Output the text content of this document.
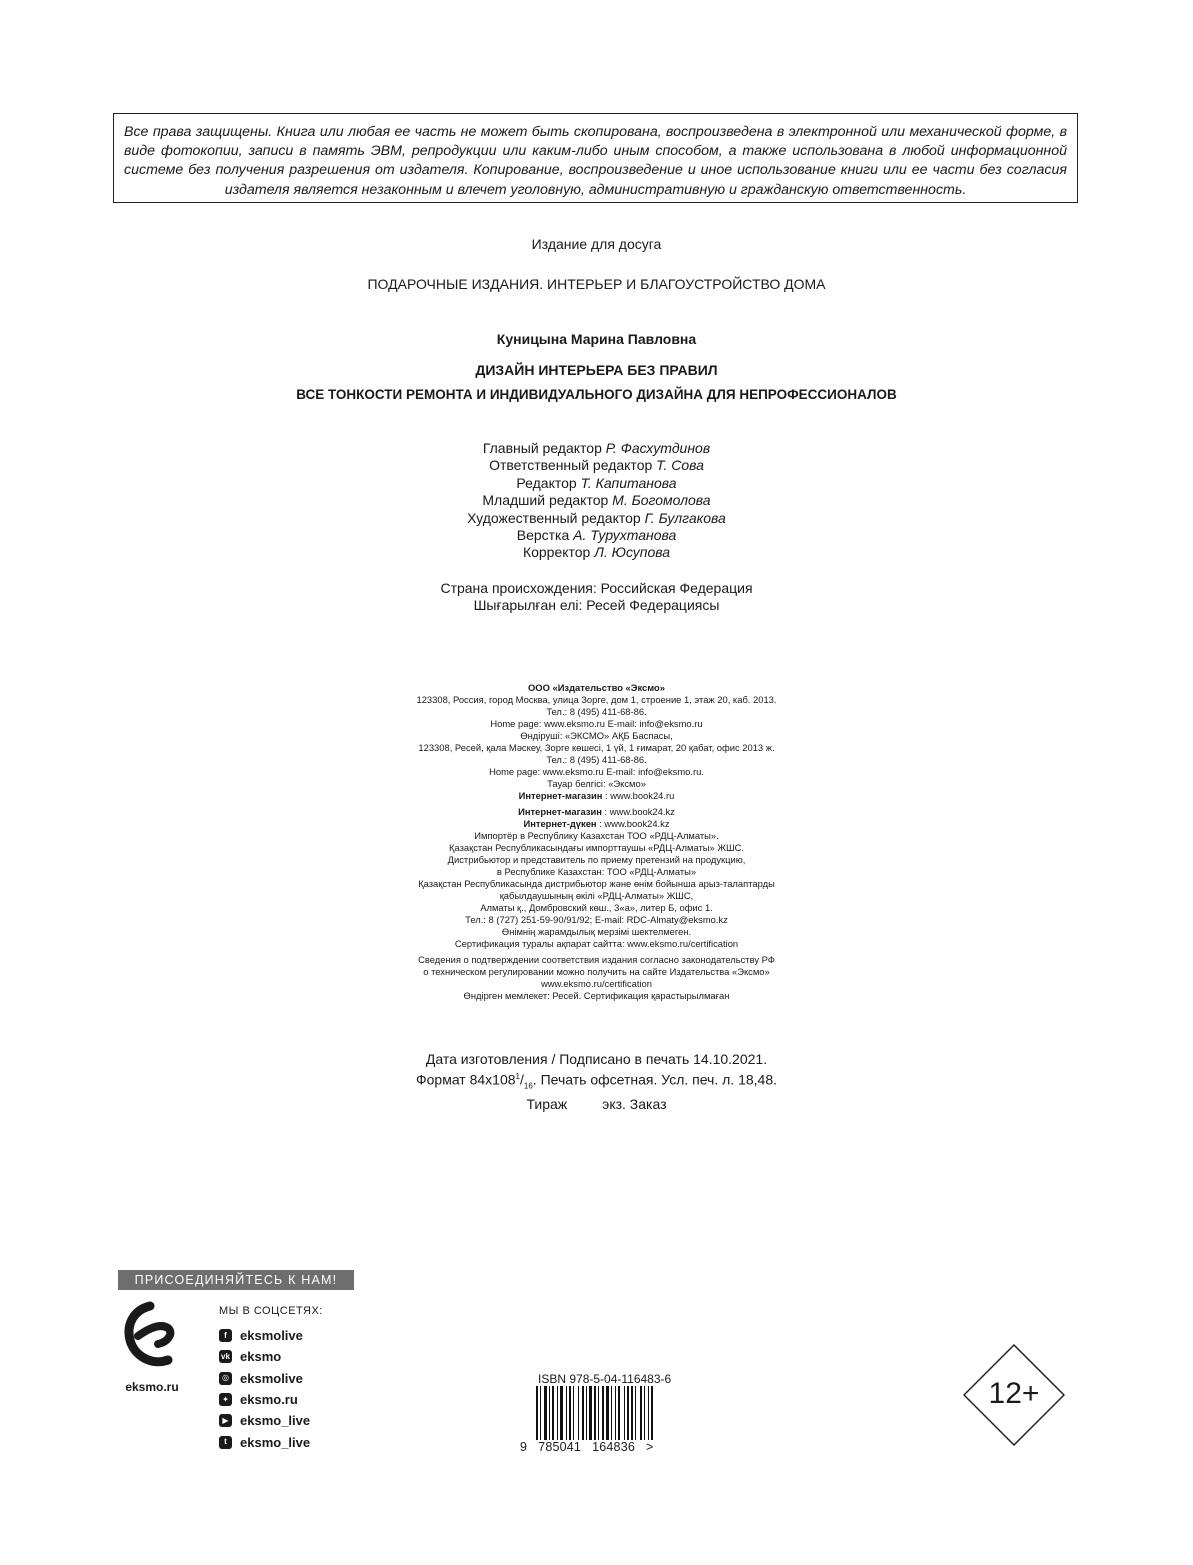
Все права защищены. Книга или любая ее часть не может быть скопирована, воспроизведена в электронной или механической форме, в виде фотокопии, записи в память ЭВМ, репродукции или каким-либо иным способом, а также использована в любой информационной системе без получения разрешения от издателя. Копирование, воспроизведение и иное использование книги или ее части без согласия издателя является незаконным и влечет уголовную, административную и гражданскую ответственность.

Издание для досуга
ПОДАРОЧНЫЕ ИЗДАНИЯ. ИНТЕРЬЕР И БЛАГОУСТРОЙСТВО ДОМА
Куницына Марина Павловна
ДИЗАЙН ИНТЕРЬЕРА БЕЗ ПРАВИЛ
ВСЕ ТОНКОСТИ РЕМОНТА И ИНДИВИДУАЛЬНОГО ДИЗАЙНА ДЛЯ НЕПРОФЕССИОНАЛОВ
Главный редактор Р. Фасхутдинов
Ответственный редактор Т. Сова
Редактор Т. Капитанова
Младший редактор М. Богомолова
Художественный редактор Г. Булгакова
Верстка А. Турухтанова
Корректор Л. Юсупова
Страна происхождения: Российская Федерация
Шығарылған елі: Ресей Федерациясы
ООО «Издательство «Эксмо»
123308, Россия, город Москва, улица Зорге, дом 1, строение 1, этаж 20, каб. 2013.
Тел.: 8 (495) 411-68-86.
Home page: www.eksmo.ru E-mail: info@eksmo.ru
Өндіруші: «ЭКСМО» АҚБ Баспасы,
123308, Ресей, қала Мәскеу, Зорге көшесі, 1 үй, 1 ғимарат, 20 қабат, офис 2013 ж.
Тел.: 8 (495) 411-68-86.
Home page: www.eksmo.ru E-mail: info@eksmo.ru.
Тауар белгісі: «Эксмо»
Интернет-магазин : www.book24.ru
Интернет-магазин : www.book24.kz
Интернет-дүкен : www.book24.kz
Импортёр в Республику Казахстан ТОО «РДЦ-Алматы».
Қазақстан Республикасындағы импорттаушы «РДЦ-Алматы» ЖШС.
Дистрибьютор и представитель по приему претензий на продукцию,
в Республике Казахстан: ТОО «РДЦ-Алматы»
Қазақстан Республикасында дистрибьютор және өнім бойынша арыз-талаптарды
қабылдаушының өкілі «РДЦ-Алматы» ЖШС,
Алматы қ., Домбровский көш., 3«а», литер Б, офис 1.
Тел.: 8 (727) 251-59-90/91/92; E-mail: RDC-Almaty@eksmo.kz
Өнімнің жарамдылық мерзімі шектелмеген.
Сертификация туралы ақпарат сайтта: www.eksmo.ru/certification
Сведения о подтверждении соответствия издания согласно законодательству РФ
о техническом регулировании можно получить на сайте Издательства «Эксмо»
www.eksmo.ru/certification
Өндірген мемлекет: Ресей. Сертификация қарастырылмаған
Дата изготовления / Подписано в печать 14.10.2021.
Формат $84x108^1/_{16}$. Печать офсетная. Усл. печ. л. 18,48.
Тираж         экз. Заказ
ПРИСОЕДИНЯЙТЕСЬ К НАМ!
eksmo.ru
МЫ В СОЦСЕТЯХ:
f	eksmolive
vk eksmo
◎ eksmolive
✦ eksmo.ru
▶ eksmo_live
t	eksmo_live
ISBN 978-5-04-116483-6
9   785041   164836   >
12+
